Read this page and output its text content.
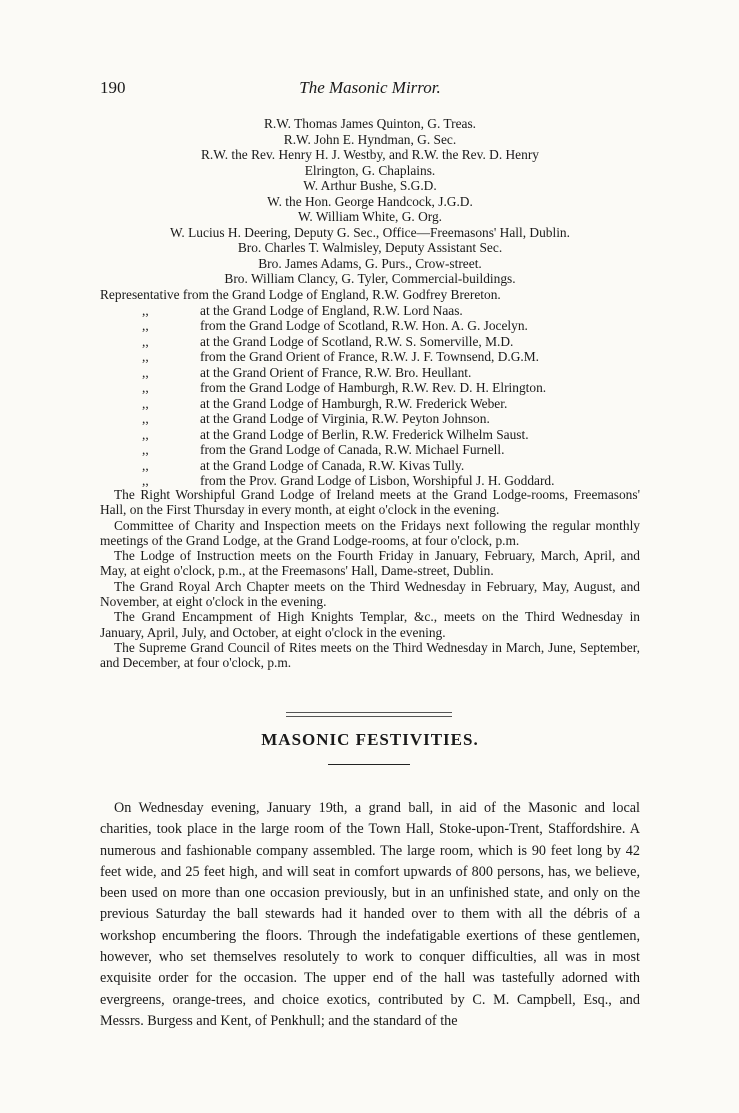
190	The Masonic Mirror.
R.W. Thomas James Quinton, G. Treas.
R.W. John E. Hyndman, G. Sec.
R.W. the Rev. Henry H. J. Westby, and R.W. the Rev. D. Henry
Elrington, G. Chaplains.
W. Arthur Bushe, S.G.D.
W. the Hon. George Handcock, J.G.D.
W. William White, G. Org.
W. Lucius H. Deering, Deputy G. Sec., Office—Freemasons' Hall, Dublin.
Bro. Charles T. Walmisley, Deputy Assistant Sec.
Bro. James Adams, G. Purs., Crow-street.
Bro. William Clancy, G. Tyler, Commercial-buildings.
Representative from the Grand Lodge of England, R.W. Godfrey Brereton.
,,	at the Grand Lodge of England, R.W. Lord Naas.
,,	from the Grand Lodge of Scotland, R.W. Hon. A. G. Jocelyn.
,,	at the Grand Lodge of Scotland, R.W. S. Somerville, M.D.
,,	from the Grand Orient of France, R.W. J. F. Townsend, D.G.M.
,,	at the Grand Orient of France, R.W. Bro. Heullant.
,,	from the Grand Lodge of Hamburgh, R.W. Rev. D. H. Elrington.
,,	at the Grand Lodge of Hamburgh, R.W. Frederick Weber.
,,	at the Grand Lodge of Virginia, R.W. Peyton Johnson.
,,	at the Grand Lodge of Berlin, R.W. Frederick Wilhelm Saust.
,,	from the Grand Lodge of Canada, R.W. Michael Furnell.
,,	at the Grand Lodge of Canada, R.W. Kivas Tully.
,,	from the Prov. Grand Lodge of Lisbon, Worshipful J. H. Goddard.

The Right Worshipful Grand Lodge of Ireland meets at the Grand Lodge-rooms, Freemasons' Hall, on the First Thursday in every month, at eight o'clock in the evening.

Committee of Charity and Inspection meets on the Fridays next following the regular monthly meetings of the Grand Lodge, at the Grand Lodge-rooms, at four o'clock, p.m.

The Lodge of Instruction meets on the Fourth Friday in January, February, March, April, and May, at eight o'clock, p.m., at the Freemasons' Hall, Dame-street, Dublin.

The Grand Royal Arch Chapter meets on the Third Wednesday in February, May, August, and November, at eight o'clock in the evening.

The Grand Encampment of High Knights Templar, &c., meets on the Third Wednesday in January, April, July, and October, at eight o'clock in the evening.

The Supreme Grand Council of Rites meets on the Third Wednesday in March, June, September, and December, at four o'clock, p.m.

MASONIC FESTIVITIES.

On Wednesday evening, January 19th, a grand ball, in aid of the Masonic and local charities, took place in the large room of the Town Hall, Stoke-upon-Trent, Staffordshire. A numerous and fashionable company assembled. The large room, which is 90 feet long by 42 feet wide, and 25 feet high, and will seat in comfort upwards of 800 persons, has, we believe, been used on more than one occasion previously, but in an unfinished state, and only on the previous Saturday the ball stewards had it handed over to them with all the débris of a workshop encumbering the floors. Through the indefatigable exertions of these gentlemen, however, who set themselves resolutely to work to conquer difficulties, all was in most exquisite order for the occasion. The upper end of the hall was tastefully adorned with evergreens, orange-trees, and choice exotics, contributed by C. M. Campbell, Esq., and Messrs. Burgess and Kent, of Penkhull; and the standard of the
